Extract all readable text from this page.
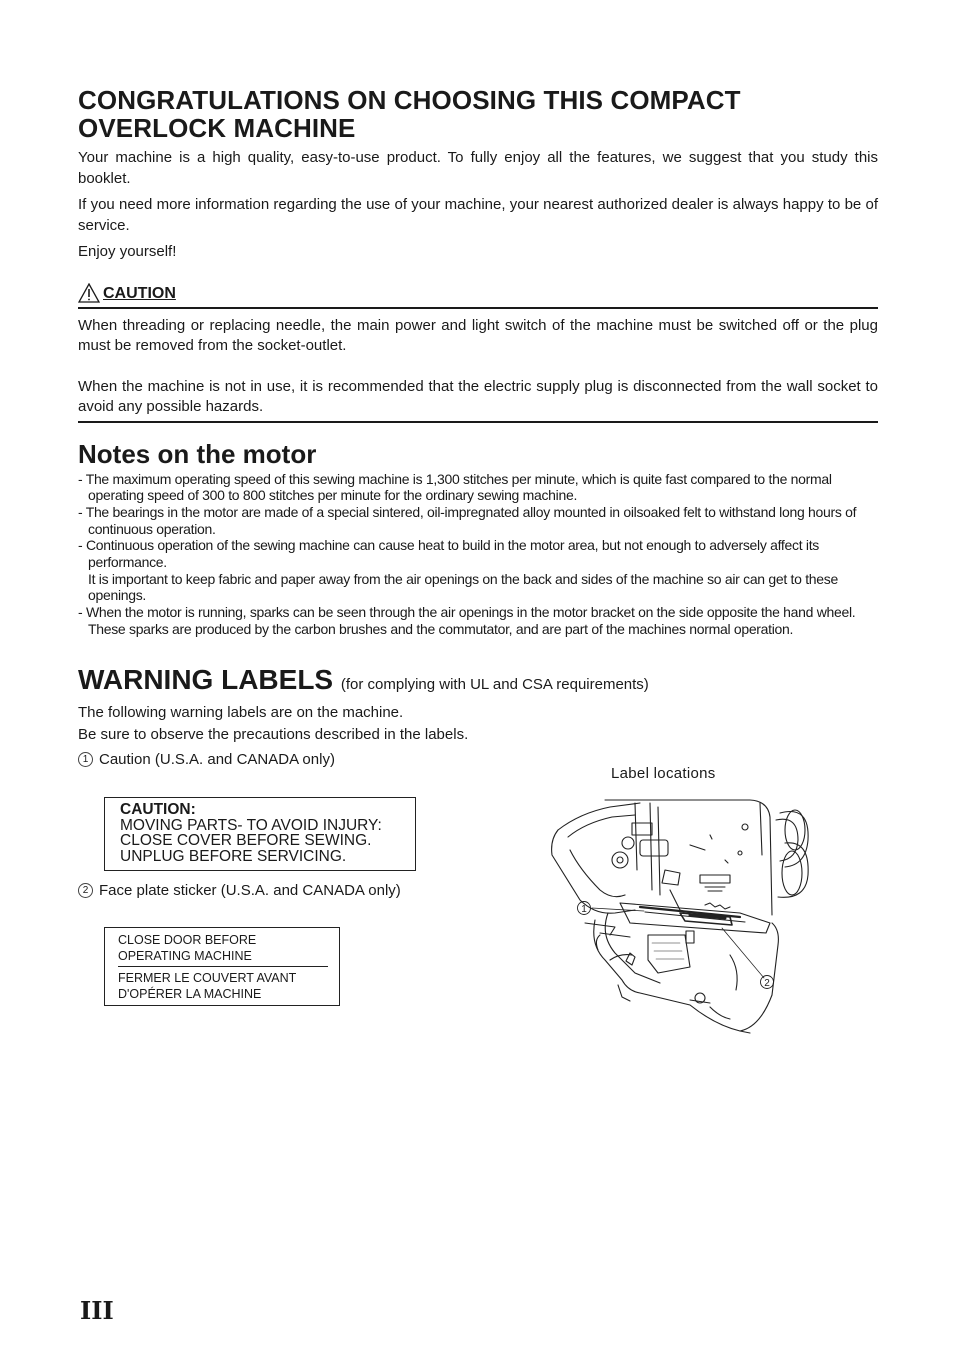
CONGRATULATIONS ON CHOOSING THIS COMPACT OVERLOCK MACHINE

Your machine is a high quality, easy-to-use product. To fully enjoy all the features, we suggest that you study this booklet.

If you need more information regarding the use of your machine, your nearest authorized dealer is always happy to be of service.

Enjoy yourself!

CAUTION

When threading or replacing needle, the main power and light switch of the machine must be switched off or the plug must be removed from the socket-outlet.

When the machine is not in use, it is recommended that the electric supply plug is disconnected from the wall socket to avoid any possible hazards.

Notes on the motor
- The maximum operating speed of this sewing machine is 1,300 stitches per minute, which is quite fast compared to the normal operating speed of 300 to 800 stitches per minute for the ordinary sewing machine.
- The bearings in the motor are made of a special sintered, oil-impregnated alloy mounted in oilsoaked felt to withstand long hours of continuous operation.
- Continuous operation of the sewing machine can cause heat to build in the motor area, but not enough to adversely affect its performance.
It is important to keep fabric and paper away from the air openings on the back and sides of the machine so air can get to these openings.
- When the motor is running, sparks can be seen through the air openings in the motor bracket on the side opposite the hand wheel. These sparks are produced by the carbon brushes and the commutator, and are part of the machines normal operation.
WARNING LABELS (for complying with UL and CSA requirements)
The following warning labels are on the machine.
Be sure to observe the precautions described in the labels.
1 Caution (U.S.A. and CANADA only)
CAUTION:
MOVING PARTS- TO AVOID INJURY:
CLOSE COVER BEFORE SEWING.
UNPLUG BEFORE SERVICING.
2 Face plate sticker (U.S.A. and CANADA only)
CLOSE DOOR BEFORE
OPERATING MACHINE
FERMER LE COUVERT AVANT
D'OPÉRER LA MACHINE
Label locations
1
2
III
